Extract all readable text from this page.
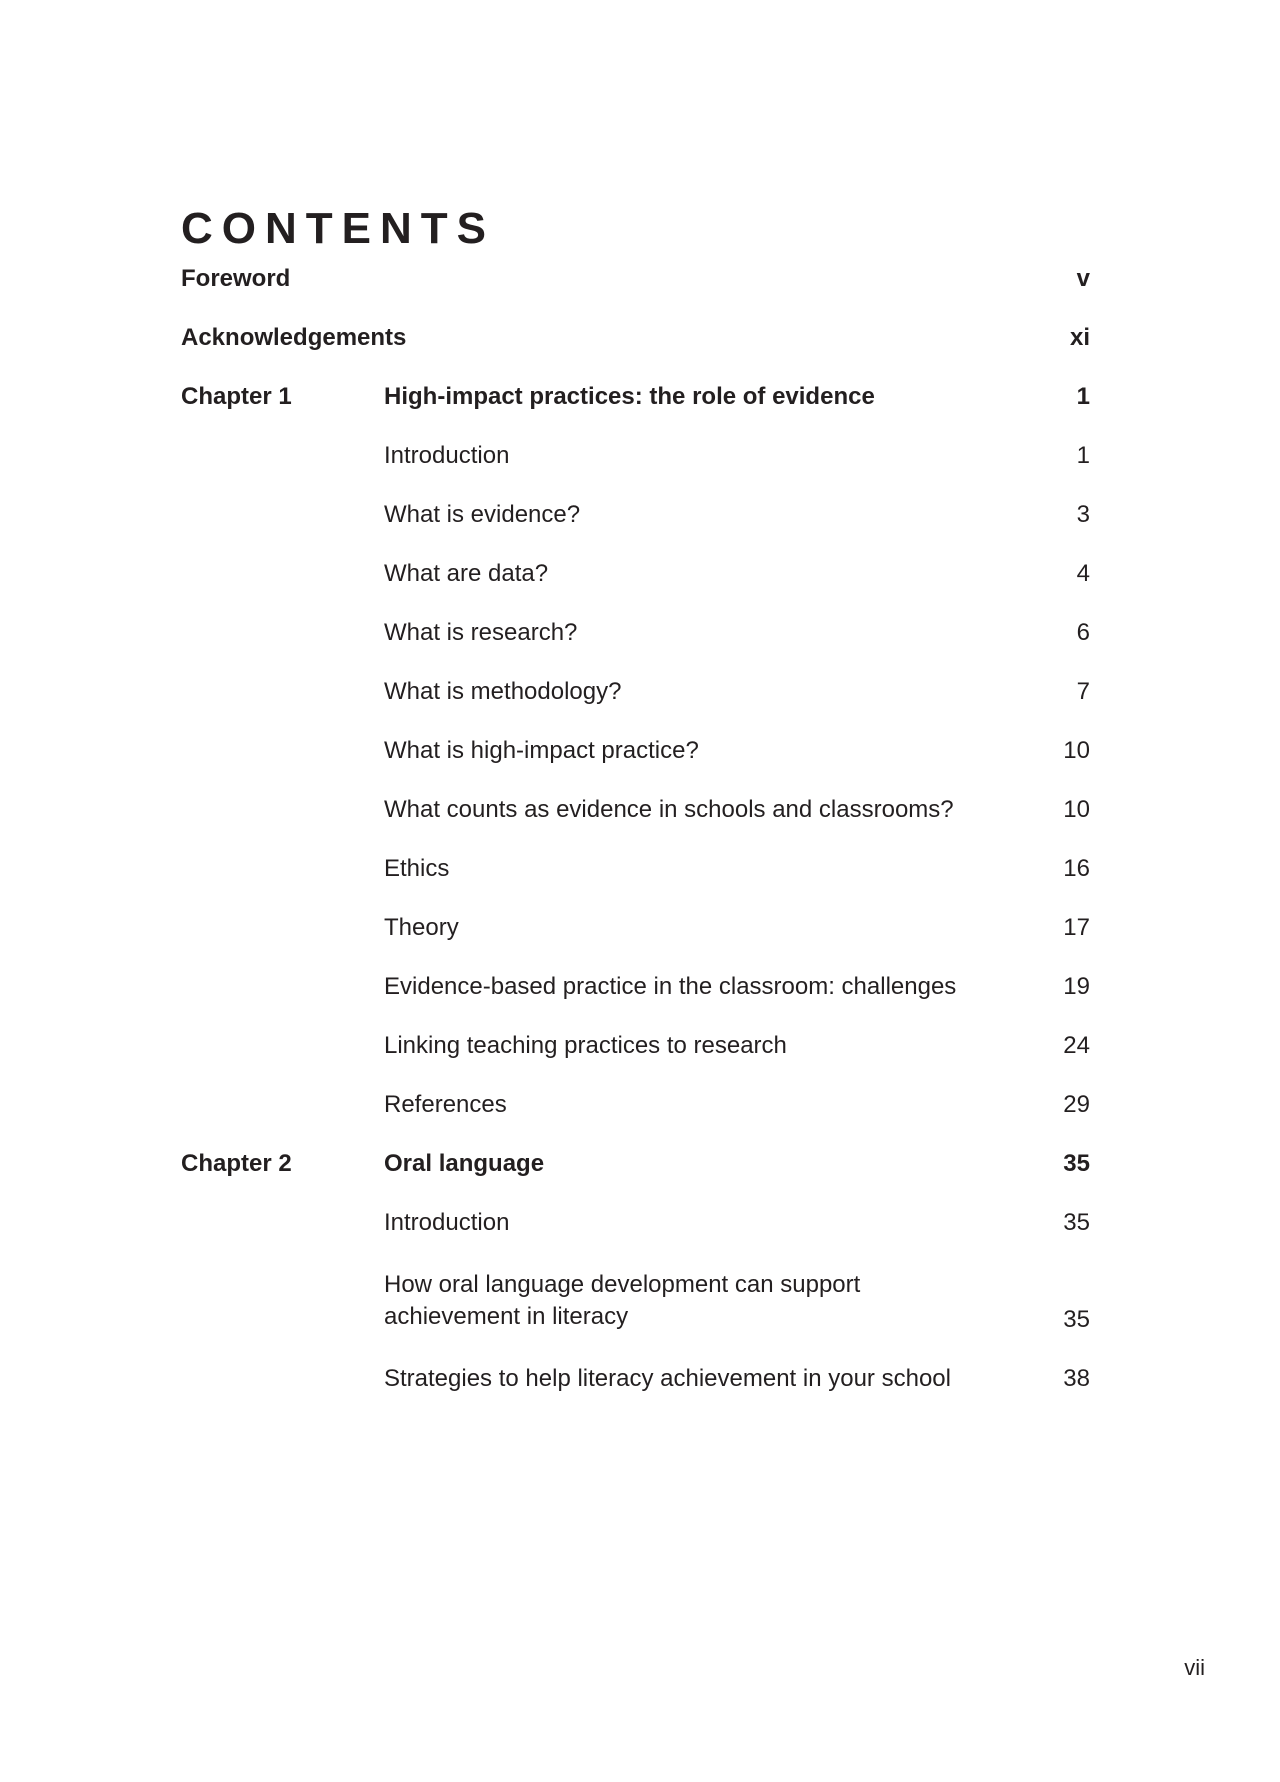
CONTENTS
Foreword	v
Acknowledgements	xi
Chapter 1	High-impact practices: the role of evidence	1
Introduction	1
What is evidence?	3
What are data?	4
What is research?	6
What is methodology?	7
What is high-impact practice?	10
What counts as evidence in schools and classrooms?	10
Ethics	16
Theory	17
Evidence-based practice in the classroom: challenges	19
Linking teaching practices to research	24
References	29
Chapter 2	Oral language	35
Introduction	35
How oral language development can support achievement in literacy	35
Strategies to help literacy achievement in your school	38
vii
